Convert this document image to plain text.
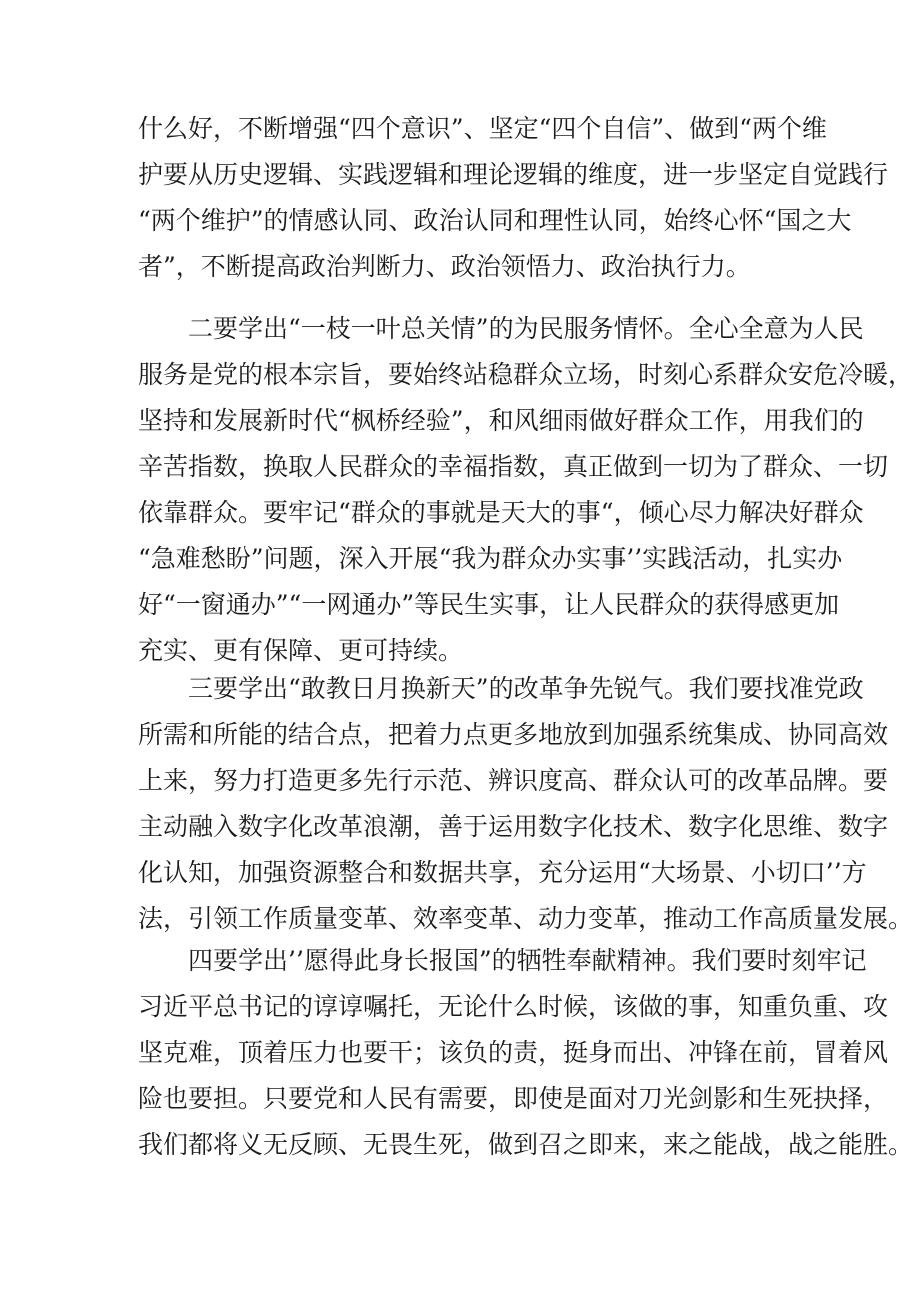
什么好，不断增强“四个意识”、坚定“四个自信”、做到“两个维
护要从历史逻辑、实践逻辑和理论逻辑的维度，进一步坚定自觉践行
“两个维护”的情感认同、政治认同和理性认同，始终心怀“国之大
者”，不断提高政治判断力、政治领悟力、政治执行力。
　　二要学出“一枝一叶总关情”的为民服务情怀。全心全意为人民
服务是党的根本宗旨，要始终站稳群众立场，时刻心系群众安危冷暖，
坚持和发展新时代“枫桥经验”，和风细雨做好群众工作，用我们的
辛苦指数，换取人民群众的幸福指数，真正做到一切为了群众、一切
依靠群众。要牢记“群众的事就是天大的事“，倾心尽力解决好群众
“急难愁盼”问题，深入开展“我为群众办实事’’实践活动，扎实办
好“一窗通办”“一网通办”等民生实事，让人民群众的获得感更加
充实、更有保障、更可持续。
　　三要学出“敢教日月换新天”的改革争先锐气。我们要找准党政
所需和所能的结合点，把着力点更多地放到加强系统集成、协同高效
上来，努力打造更多先行示范、辨识度高、群众认可的改革品牌。要
主动融入数字化改革浪潮，善于运用数字化技术、数字化思维、数字
化认知，加强资源整合和数据共享，充分运用“大场景、小切口’’方
法，引领工作质量变革、效率变革、动力变革，推动工作高质量发展。
　　四要学出’’愿得此身长报国”的牺牲奉献精神。我们要时刻牢记
习近平总书记的谆谆嘱托，无论什么时候，该做的事，知重负重、攻
坚克难，顶着压力也要干；该负的责，挺身而出、冲锋在前，冒着风
险也要担。只要党和人民有需要，即使是面对刀光剑影和生死抉择，
我们都将义无反顾、无畏生死，做到召之即来，来之能战，战之能胜。
